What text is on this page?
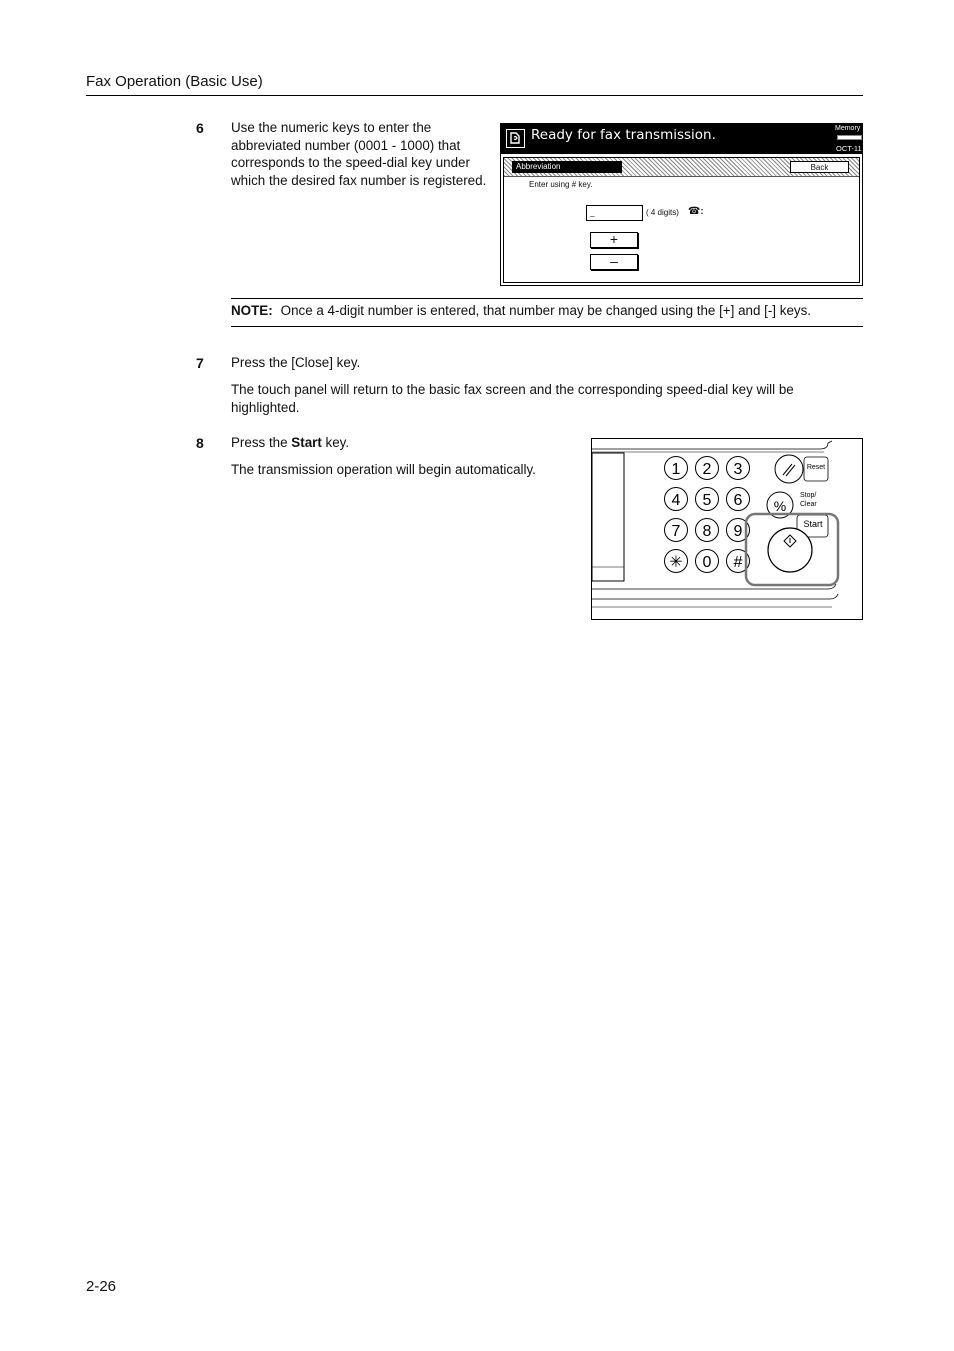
Fax Operation (Basic Use)
6 Use the numeric keys to enter the abbreviated number (0001 - 1000) that corresponds to the speed-dial key under which the desired fax number is registered.
Ready for fax transmission.	Memory
OCT-11
Abbreviation	Back
Enter using # key.
_	( 4 digits) ☎:
+
–
NOTE: Once a 4-digit number is entered, that number may be changed using the [+] and [-] keys.
7 Press the [Close] key.
The touch panel will return to the basic fax screen and the corresponding speed-dial key will be highlighted.
8 Press the Start key.
The transmission operation will begin automatically.	1 2 3
4 5 6
7 8 9
✳ 0 #
Reset
%
Stop/
Clear
Start
2-26
